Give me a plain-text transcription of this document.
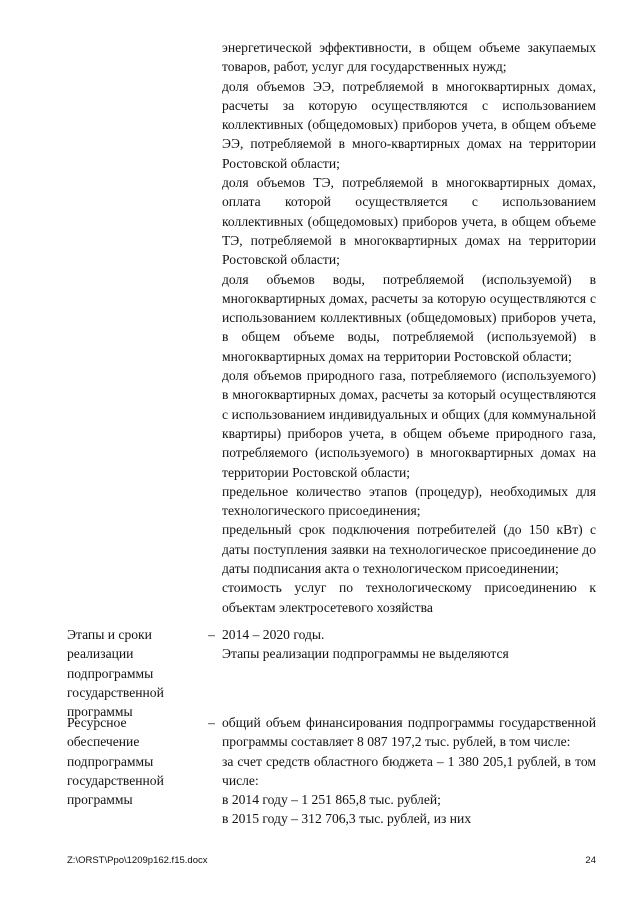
энергетической эффективности, в общем объеме закупаемых товаров, работ, услуг для государственных нужд;

доля объемов ЭЭ, потребляемой в многоквартирных домах, расчеты за которую осуществляются с использованием коллективных (общедомовых) приборов учета, в общем объеме ЭЭ, потребляемой в много-квартирных домах на территории Ростовской области;

доля объемов ТЭ, потребляемой в многоквартирных домах, оплата которой осуществляется с использованием коллективных (общедомовых) приборов учета, в общем объеме ТЭ, потребляемой в многоквартирных домах на территории Ростовской области;

доля объемов воды, потребляемой (используемой) в многоквартирных домах, расчеты за которую осуществляются с использованием коллективных (общедомовых) приборов учета, в общем объеме воды, потребляемой (используемой) в многоквартирных домах на территории Ростовской области;

доля объемов природного газа, потребляемого (используемого) в многоквартирных домах, расчеты за который осуществляются с использованием индивидуальных и общих (для коммунальной квартиры) приборов учета, в общем объеме природного газа, потребляемого (используемого) в многоквартирных домах на территории Ростовской области;

предельное количество этапов (процедур), необходимых для технологического присоединения;

предельный срок подключения потребителей (до 150 кВт) с даты поступления заявки на технологическое присоединение до даты подписания акта о технологическом присоединении;

стоимость услуг по технологическому присоединению к объектам электросетевого хозяйства

Этапы и сроки реализации подпрограммы государственной программы

– 2014 – 2020 годы.

Этапы реализации подпрограммы не выделяются

Ресурсное обеспечение подпрограммы государственной программы

– общий объем финансирования подпрограммы государственной программы составляет 8 087 197,2 тыс. рублей, в том числе:

за счет средств областного бюджета – 1 380 205,1 рублей, в том числе:

в 2014 году – 1 251 865,8 тыс. рублей;

в 2015 году – 312 706,3 тыс. рублей, из них

Z:\ORST\Ppo\1209p162.f15.docx	24
